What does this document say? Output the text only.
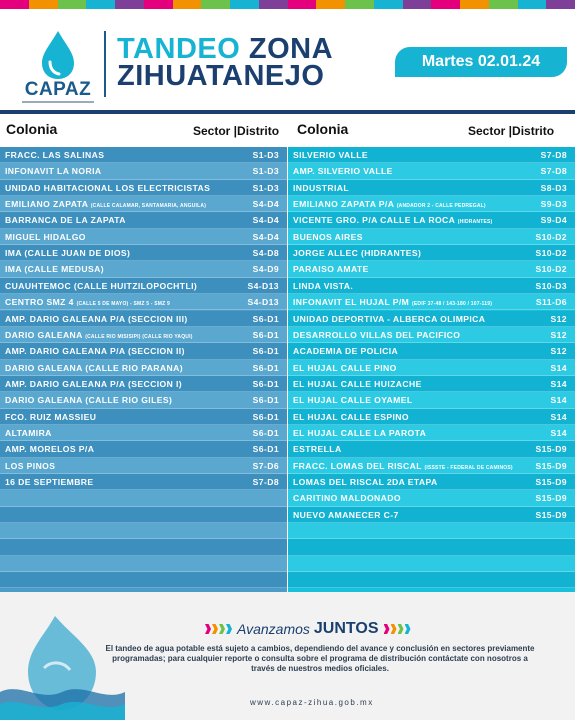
CAPAZ
TANDEO ZONA
ZIHUATANEJO	Martes 02.01.24
Colonia	Sector |Distrito Colonia	Sector |Distrito
FRACC. LAS SALINAS	S1-D3
INFONAVIT LA NORIA	S1-D3
UNIDAD HABITACIONAL LOS ELECTRICISTAS	S1-D3
EMILIANO ZAPATA (CALLE CALAMAR, SANTAMARIA, ANGUILA)	S4-D4
BARRANCA DE LA ZAPATA	S4-D4
MIGUEL HIDALGO	S4-D4
IMA (CALLE JUAN DE DIOS)	S4-D8
IMA (CALLE MEDUSA)	S4-D9
CUAUHTEMOC (CALLE HUITZILOPOCHTLI)	S4-D13
CENTRO SMZ 4 (CALLE 5 DE MAYO) - SMZ 5 - SMZ 9	S4-D13
AMP. DARIO GALEANA P/A (SECCION III)	S6-D1
DARIO GALEANA (CALLE RIO MISISIPI) (CALLE RIO YAQUI)	S6-D1
AMP. DARIO GALEANA P/A (SECCION II)	S6-D1
DARIO GALEANA (CALLE RIO PARANA)	S6-D1
AMP. DARIO GALEANA P/A (SECCION I)	S6-D1
DARIO GALEANA (CALLE RIO GILES)	S6-D1
FCO. RUIZ MASSIEU	S6-D1
ALTAMIRA	S6-D1
AMP. MORELOS P/A	S6-D1
LOS PINOS	S7-D6
16 DE SEPTIEMBRE	S7-D8
SILVERIO VALLE	S7-D8
AMP. SILVERIO VALLE	S7-D8
INDUSTRIAL	S8-D3
EMILIANO ZAPATA P/A (ANDADOR 2 - CALLE PEDREGAL)	S9-D3
VICENTE GRO. P/A CALLE LA ROCA (HIDRANTES)	S9-D4
BUENOS AIRES	S10-D2
JORGE ALLEC (HIDRANTES)	S10-D2
PARAISO AMATE	S10-D2
LINDA VISTA.	S10-D3
INFONAVIT EL HUJAL P/M (EDIF 37-48 / 143-180 / 107-119)	S11-D6
UNIDAD DEPORTIVA - ALBERCA OLIMPICA	S12
DESARROLLO VILLAS DEL PACIFICO	S12
ACADEMIA DE POLICIA	S12
EL HUJAL CALLE PINO	S14
EL HUJAL CALLE HUIZACHE	S14
EL HUJAL CALLE OYAMEL	S14
EL HUJAL CALLE ESPINO	S14
EL HUJAL CALLE LA PAROTA	S14
ESTRELLA	S15-D9
FRACC. LOMAS DEL RISCAL (ISSSTE - FEDERAL DE CAMINOS)	S15-D9
LOMAS DEL RISCAL 2DA ETAPA	S15-D9
CARITINO MALDONADO	S15-D9
NUEVO AMANECER C-7	S15-D9
Avanzamos JUNTOS
El tandeo de agua potable está sujeto a cambios, dependiendo del avance y conclusión en sectores previamente programadas; para cualquier reporte o consulta sobre el programa de distribución contáctate con nosotros a través de nuestros medios oficiales.
www.capaz-zihua.gob.mx
